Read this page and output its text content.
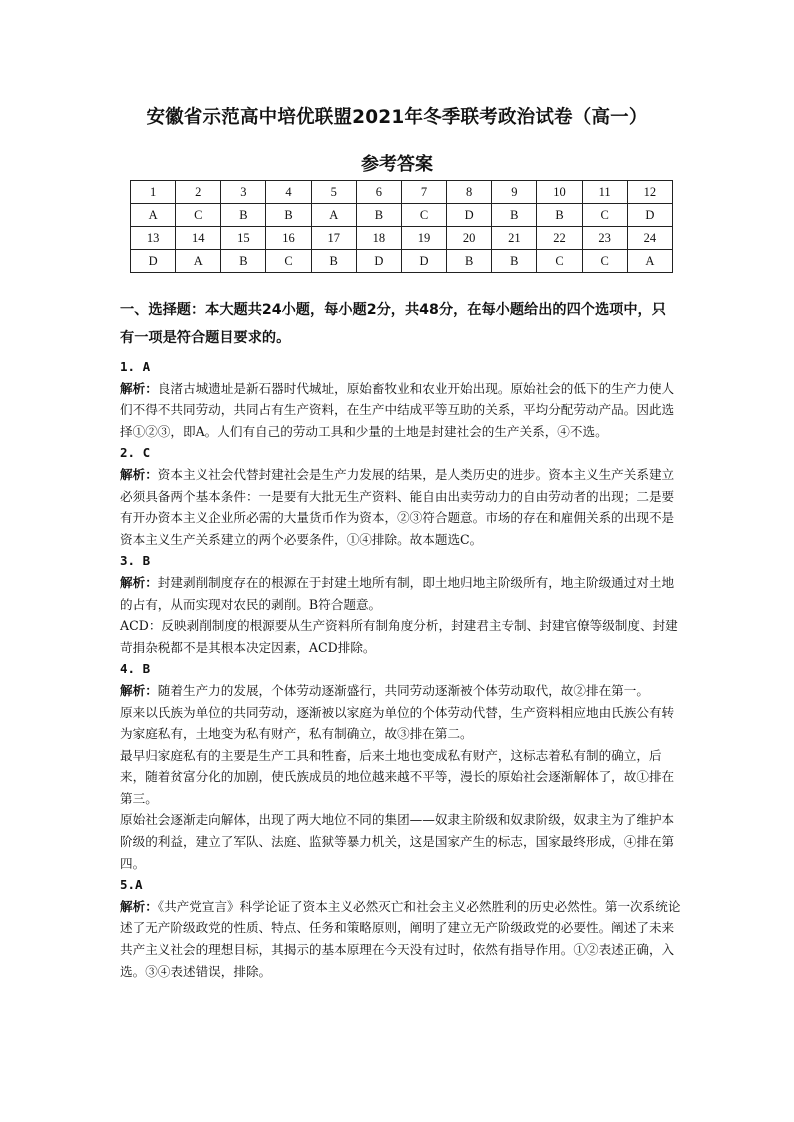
安徽省示范高中培优联盟2021年冬季联考政治试卷（高一）
参考答案
1	2	3	4	5	6	7	8	9	10	11	12
A	C	B	B	A	B	C	D	B	B	C	D
13	14	15	16	17	18	19	20	21	22	23	24
D	A	B	C	B	D	D	B	B	C	C	A
一、选择题：本大题共24小题，每小题2分，共48分，在每小题给出的四个选项中，只有一项是符合题目要求的。

1. A

解析：良渚古城遗址是新石器时代城址，原始畜牧业和农业开始出现。原始社会的低下的生产力使人们不得不共同劳动，共同占有生产资料，在生产中结成平等互助的关系，平均分配劳动产品。因此选择①②③，即A。人们有自己的劳动工具和少量的土地是封建社会的生产关系，④不选。

2. C

解析：资本主义社会代替封建社会是生产力发展的结果，是人类历史的进步。资本主义生产关系建立必须具备两个基本条件：一是要有大批无生产资料、能自由出卖劳动力的自由劳动者的出现；二是要有开办资本主义企业所必需的大量货币作为资本，②③符合题意。市场的存在和雇佣关系的出现不是资本主义生产关系建立的两个必要条件，①④排除。故本题选C。

3. B

解析：封建剥削制度存在的根源在于封建土地所有制，即土地归地主阶级所有，地主阶级通过对土地的占有，从而实现对农民的剥削。B符合题意。

ACD：反映剥削制度的根源要从生产资料所有制角度分析，封建君主专制、封建官僚等级制度、封建苛捐杂税都不是其根本决定因素，ACD排除。

4. B

解析：随着生产力的发展，个体劳动逐渐盛行，共同劳动逐渐被个体劳动取代，故②排在第一。

原来以氏族为单位的共同劳动，逐渐被以家庭为单位的个体劳动代替，生产资料相应地由氏族公有转为家庭私有，土地变为私有财产，私有制确立，故③排在第二。

最早归家庭私有的主要是生产工具和牲畜，后来土地也变成私有财产，这标志着私有制的确立，后来，随着贫富分化的加剧，使氏族成员的地位越来越不平等，漫长的原始社会逐渐解体了，故①排在第三。

原始社会逐渐走向解体，出现了两大地位不同的集团——奴隶主阶级和奴隶阶级，奴隶主为了维护本阶级的利益，建立了军队、法庭、监狱等暴力机关，这是国家产生的标志，国家最终形成，④排在第四。

5.A

解析：《共产党宣言》科学论证了资本主义必然灭亡和社会主义必然胜利的历史必然性。第一次系统论述了无产阶级政党的性质、特点、任务和策略原则，阐明了建立无产阶级政党的必要性。阐述了未来共产主义社会的理想目标，其揭示的基本原理在今天没有过时，依然有指导作用。①②表述正确，入选。③④表述错误，排除。
